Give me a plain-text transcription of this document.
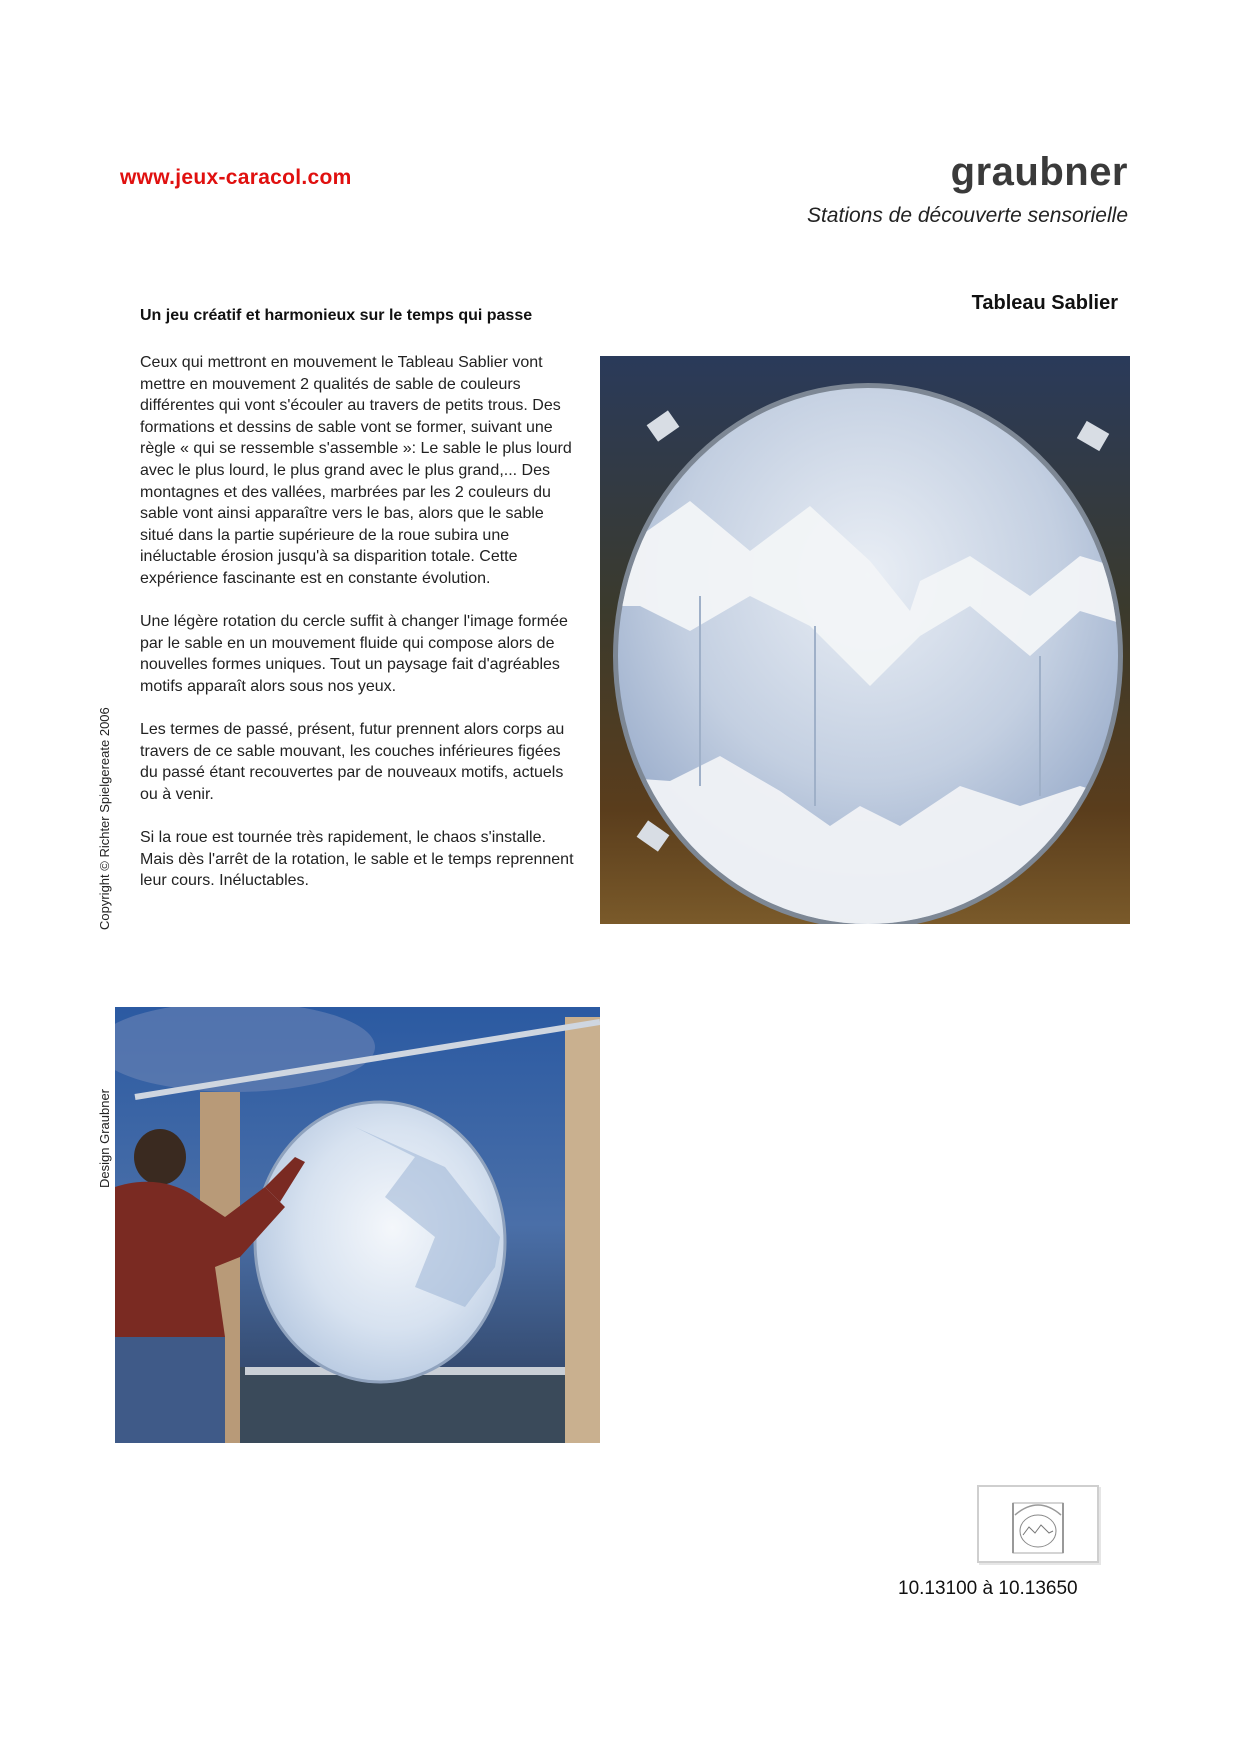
www.jeux-caracol.com	graubner
Stations de découverte sensorielle
Tableau Sablier
Un jeu créatif et harmonieux sur le temps qui passe

Ceux qui mettront en mouvement le Tableau Sablier vont mettre en mouvement 2 qualités de sable de couleurs différentes qui vont s'écouler au travers de petits trous. Des formations et dessins de sable vont se former, suivant une règle « qui se ressemble s'assemble »: Le sable le plus lourd avec le plus lourd, le plus grand avec le plus grand,... Des montagnes et des vallées, marbrées par les 2 couleurs du sable vont ainsi apparaître vers le bas, alors que le sable situé dans la partie supérieure de la roue subira une inéluctable érosion jusqu'à sa disparition totale. Cette expérience fascinante est en constante évolution.

Une légère rotation du cercle suffit à changer l'image formée par le sable en un mouvement fluide qui compose alors de nouvelles formes uniques. Tout un paysage fait d'agréables motifs apparaît alors sous nos yeux.

Les termes de passé, présent, futur prennent alors corps au travers de ce sable mouvant, les couches inférieures figées du passé étant recouvertes par de nouveaux motifs, actuels ou à venir.

Si la roue est tournée très rapidement, le chaos s'installe. Mais dès l'arrêt de la rotation, le sable et le temps reprennent leur cours. Inéluctables.

Copyright © Richter Spielgereate 2006
Design Graubner
10.13100 à 10.13650
